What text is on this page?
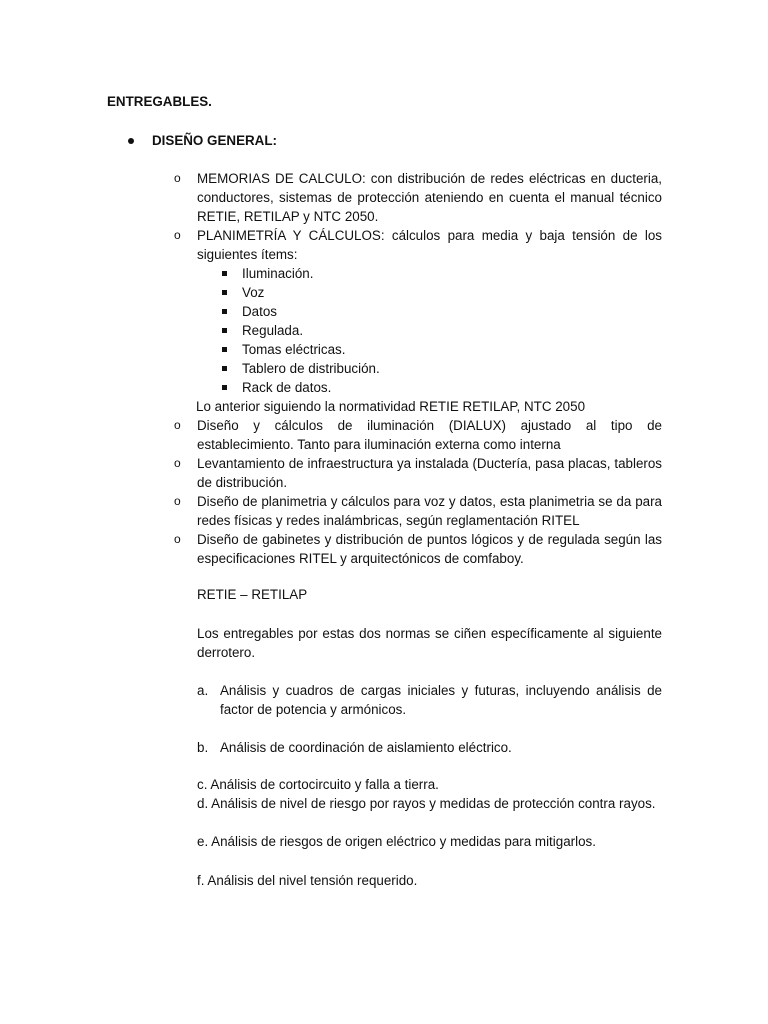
ENTREGABLES.
DISEÑO GENERAL:
o MEMORIAS DE CALCULO: con distribución de redes eléctricas en ducteria, conductores, sistemas de protección ateniendo en cuenta el manual técnico RETIE, RETILAP y NTC 2050.
o PLANIMETRÍA Y CÁLCULOS: cálculos para media y baja tensión de los siguientes ítems:
Iluminación.
Voz
Datos
Regulada.
Tomas eléctricas.
Tablero de distribución.
Rack de datos.
Lo anterior siguiendo la normatividad RETIE RETILAP, NTC 2050
o Diseño y cálculos de iluminación (DIALUX) ajustado al tipo de establecimiento. Tanto para iluminación externa como interna
o Levantamiento de infraestructura ya instalada (Ductería, pasa placas, tableros de distribución.
o Diseño de planimetria y cálculos para voz y datos, esta planimetria se da para redes físicas y redes inalámbricas, según reglamentación RITEL
o Diseño de gabinetes y distribución de puntos lógicos y de regulada según las especificaciones RITEL y arquitectónicos de comfaboy.
RETIE – RETILAP
Los entregables por estas dos normas se ciñen específicamente al siguiente derrotero.
a. Análisis y cuadros de cargas iniciales y futuras, incluyendo análisis de factor de potencia y armónicos.
b. Análisis de coordinación de aislamiento eléctrico.
c. Análisis de cortocircuito y falla a tierra.
d. Análisis de nivel de riesgo por rayos y medidas de protección contra rayos.
e. Análisis de riesgos de origen eléctrico y medidas para mitigarlos.
f. Análisis del nivel tensión requerido.
